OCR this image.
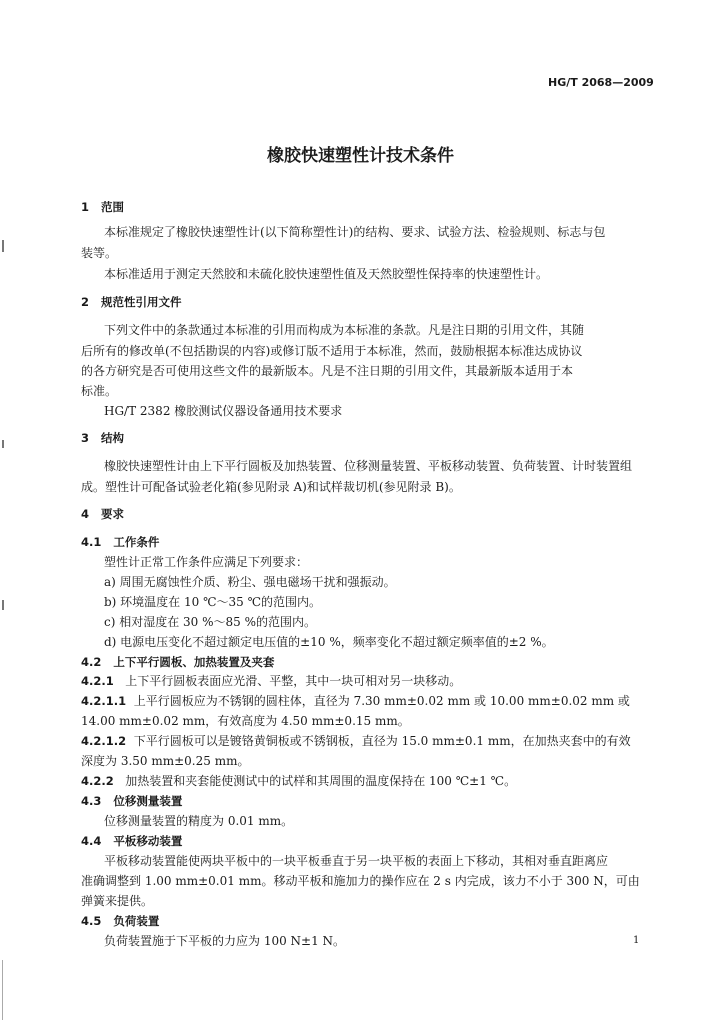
HG/T 2068—2009
橡胶快速塑性计技术条件
1 范围
本标准规定了橡胶快速塑性计(以下简称塑性计)的结构、要求、试验方法、检验规则、标志与包
装等。
本标准适用于测定天然胶和未硫化胶快速塑性值及天然胶塑性保持率的快速塑性计。
2 规范性引用文件
下列文件中的条款通过本标准的引用而构成为本标准的条款。凡是注日期的引用文件，其随
后所有的修改单(不包括勘误的内容)或修订版不适用于本标准，然而，鼓励根据本标准达成协议
的各方研究是否可使用这些文件的最新版本。凡是不注日期的引用文件，其最新版本适用于本
标准。
HG/T 2382 橡胶测试仪器设备通用技术要求
3 结构
橡胶快速塑性计由上下平行圆板及加热装置、位移测量装置、平板移动装置、负荷装置、计时装置组
成。塑性计可配备试验老化箱(参见附录 A)和试样裁切机(参见附录 B)。
4 要求
4.1 工作条件
塑性计正常工作条件应满足下列要求：
a) 周围无腐蚀性介质、粉尘、强电磁场干扰和强振动。
b) 环境温度在 10 ℃～35 ℃的范围内。
c) 相对湿度在 30 %～85 %的范围内。
d) 电源电压变化不超过额定电压值的±10 %，频率变化不超过额定频率值的±2 %。
4.2 上下平行圆板、加热装置及夹套
4.2.1 上下平行圆板表面应光滑、平整，其中一块可相对另一块移动。
4.2.1.1 上平行圆板应为不锈钢的圆柱体，直径为 7.30 mm±0.02 mm 或 10.00 mm±0.02 mm 或
14.00 mm±0.02 mm，有效高度为 4.50 mm±0.15 mm。
4.2.1.2 下平行圆板可以是镀铬黄铜板或不锈钢板，直径为 15.0 mm±0.1 mm，在加热夹套中的有效
深度为 3.50 mm±0.25 mm。
4.2.2 加热装置和夹套能使测试中的试样和其周围的温度保持在 100 ℃±1 ℃。
4.3 位移测量装置
位移测量装置的精度为 0.01 mm。
4.4 平板移动装置
平板移动装置能使两块平板中的一块平板垂直于另一块平板的表面上下移动，其相对垂直距离应
准确调整到 1.00 mm±0.01 mm。移动平板和施加力的操作应在 2 s 内完成，该力不小于 300 N，可由
弹簧来提供。
4.5 负荷装置
负荷装置施于下平板的力应为 100 N±1 N。	1
